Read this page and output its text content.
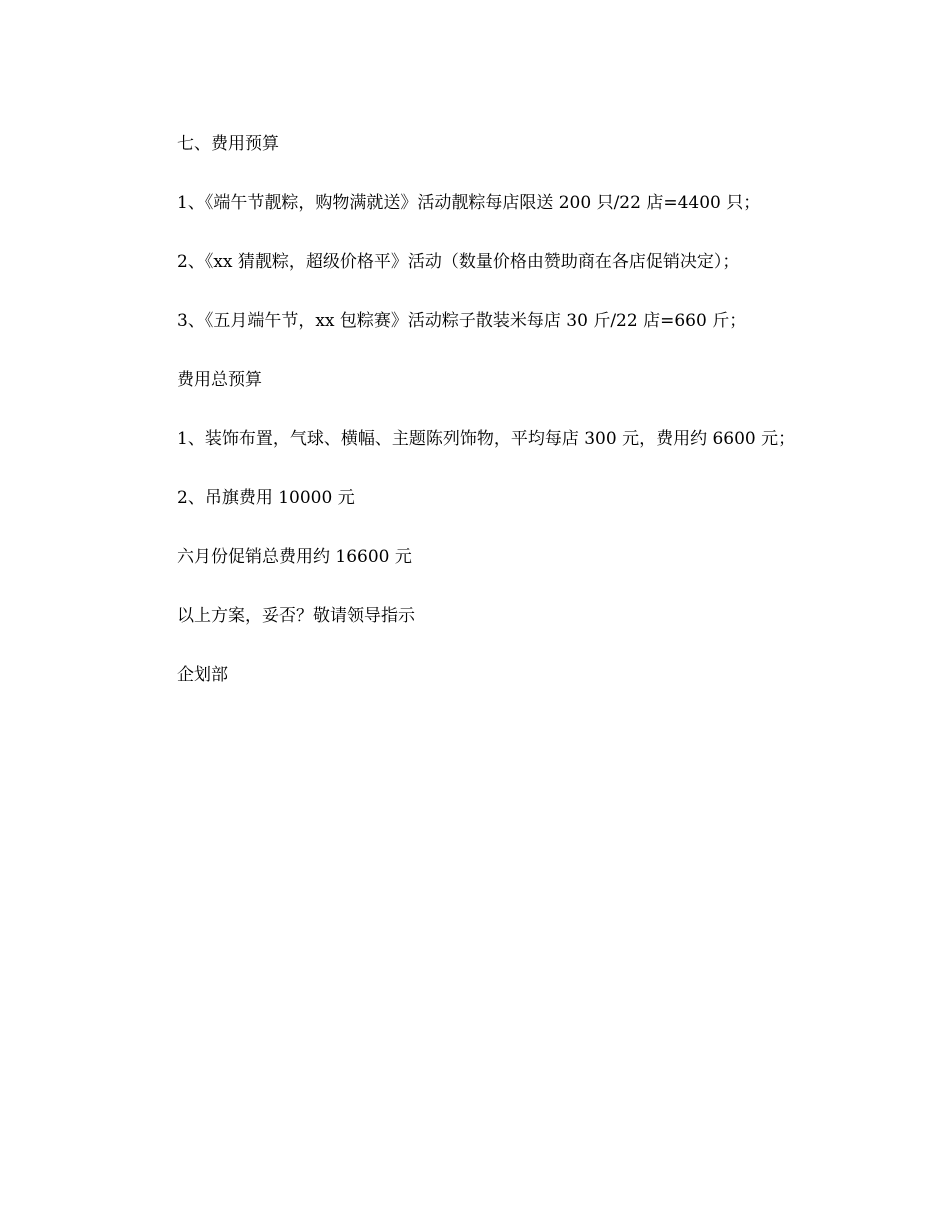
七、费用预算
1、《端午节靓粽，购物满就送》活动靓粽每店限送 200 只/22 店=4400 只；
2、《xx 猜靓粽，超级价格平》活动（数量价格由赞助商在各店促销决定）；
3、《五月端午节，xx 包粽赛》活动粽子散装米每店 30 斤/22 店=660 斤；
费用总预算
1、装饰布置，气球、横幅、主题陈列饰物，平均每店 300 元，费用约 6600 元；
2、吊旗费用 10000 元
六月份促销总费用约 16600 元
以上方案，妥否？敬请领导指示
企划部
